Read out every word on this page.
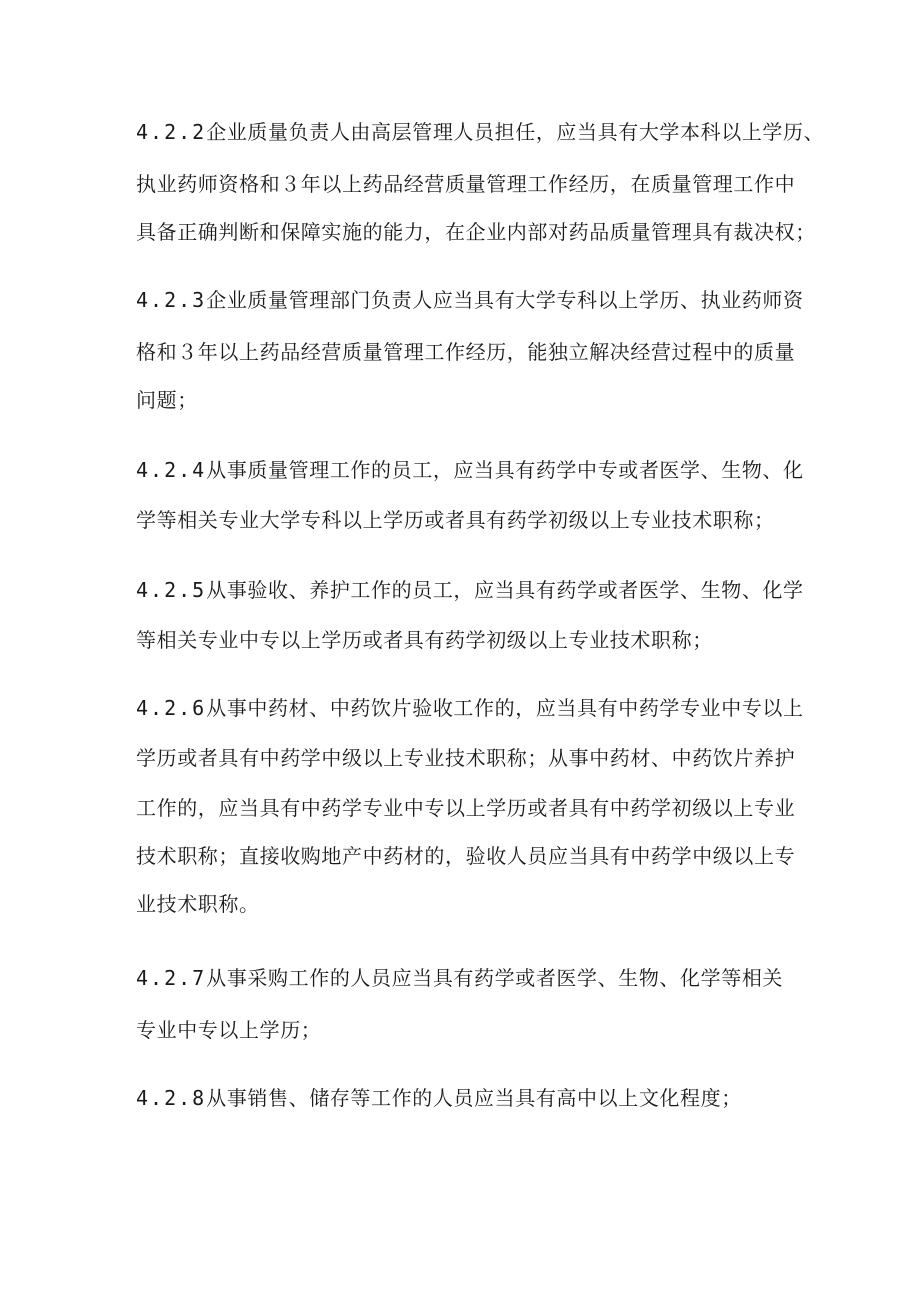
4.2.2企业质量负责人由高层管理人员担任，应当具有大学本科以上学历、
执业药师资格和３年以上药品经营质量管理工作经历，在质量管理工作中
具备正确判断和保障实施的能力，在企业内部对药品质量管理具有裁决权；
4.2.3企业质量管理部门负责人应当具有大学专科以上学历、执业药师资
格和３年以上药品经营质量管理工作经历，能独立解决经营过程中的质量
问题；
4.2.4从事质量管理工作的员工，应当具有药学中专或者医学、生物、化
学等相关专业大学专科以上学历或者具有药学初级以上专业技术职称；
4.2.5从事验收、养护工作的员工，应当具有药学或者医学、生物、化学
等相关专业中专以上学历或者具有药学初级以上专业技术职称；
4.2.6从事中药材、中药饮片验收工作的，应当具有中药学专业中专以上
学历或者具有中药学中级以上专业技术职称；从事中药材、中药饮片养护
工作的，应当具有中药学专业中专以上学历或者具有中药学初级以上专业
技术职称；直接收购地产中药材的，验收人员应当具有中药学中级以上专
业技术职称。
4.2.7从事采购工作的人员应当具有药学或者医学、生物、化学等相关
专业中专以上学历；
4.2.8从事销售、储存等工作的人员应当具有高中以上文化程度；
